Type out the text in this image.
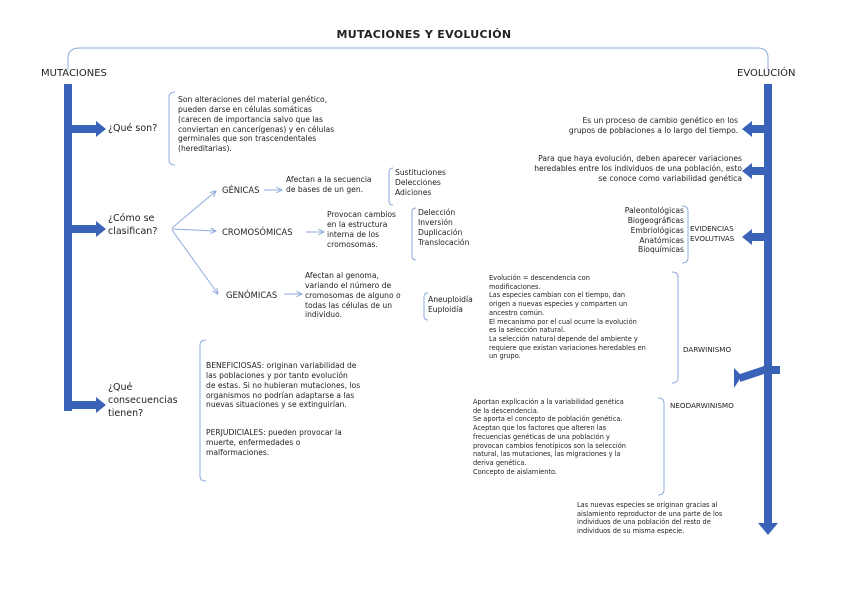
MUTACIONES Y EVOLUCIÓN
MUTACIONES	EVOLUCIÓN
¿Qué son?
Son alteraciones del material genético,
pueden darse en células somáticas
(carecen de importancia salvo que las
conviertan en cancerígenas) y en células
germinales que son trascendentales
(hereditarias).
¿Cómo se
clasifican?
GÉNICAS
Afectan a la secuencia
de bases de un gen.
Sustituciones
Delecciones
Adiciones
CROMOSÓMICAS
Provocan cambios
en la estructura
interna de los
cromosomas.
Delección
Inversión
Duplicación
Translocación
GENÓMICAS
Afectan al genoma,
variando el número de
cromosomas de alguno o
todas las células de un
individuo.
Aneuploidía
Euploidía
¿Qué
consecuencias
tienen?
BENEFICIOSAS: originan variabilidad de
las poblaciones y por tanto evolución
de estas. Si no hubieran mutaciones, los
organismos no podrían adaptarse a las
nuevas situaciones y se extinguirían.
PERJUDICIALES: pueden provocar la
muerte, enfermedades o
malformaciones.
Es un proceso de cambio genético en los
grupos de poblaciones a lo largo del tiempo.
Para que haya evolución, deben aparecer variaciones
heredables entre los individuos de una población, esto
se conoce como variabilidad genética
Paleontológicas
Biogeográficas
Embriológicas
Anatómicas
Bioquímicas
EVIDENCIAS
EVOLUTIVAS
Evolución = descendencia con
modificaciones.
Las especies cambian con el tiempo, dan
origen a nuevas especies y comparten un
ancestro común.
El mecanismo por el cual ocurre la evolución
es la selección natural.
La selección natural depende del ambiente y
requiere que existan variaciones heredables en
un grupo.
DARWINISMO
Aportan explicación a la variabilidad genética
de la descendencia.
Se aporta el concepto de población genética.
Aceptan que los factores que alteren las
frecuencias genéticas de una población y
provocan cambios fenotípicos son la selección
natural, las mutaciones, las migraciones y la
deriva genética.
Concepto de aislamiento.
NEODARWINISMO
Las nuevas especies se originan gracias al
aislamiento reproductor de una parte de los
individuos de una población del resto de
individuos de su misma especie.
